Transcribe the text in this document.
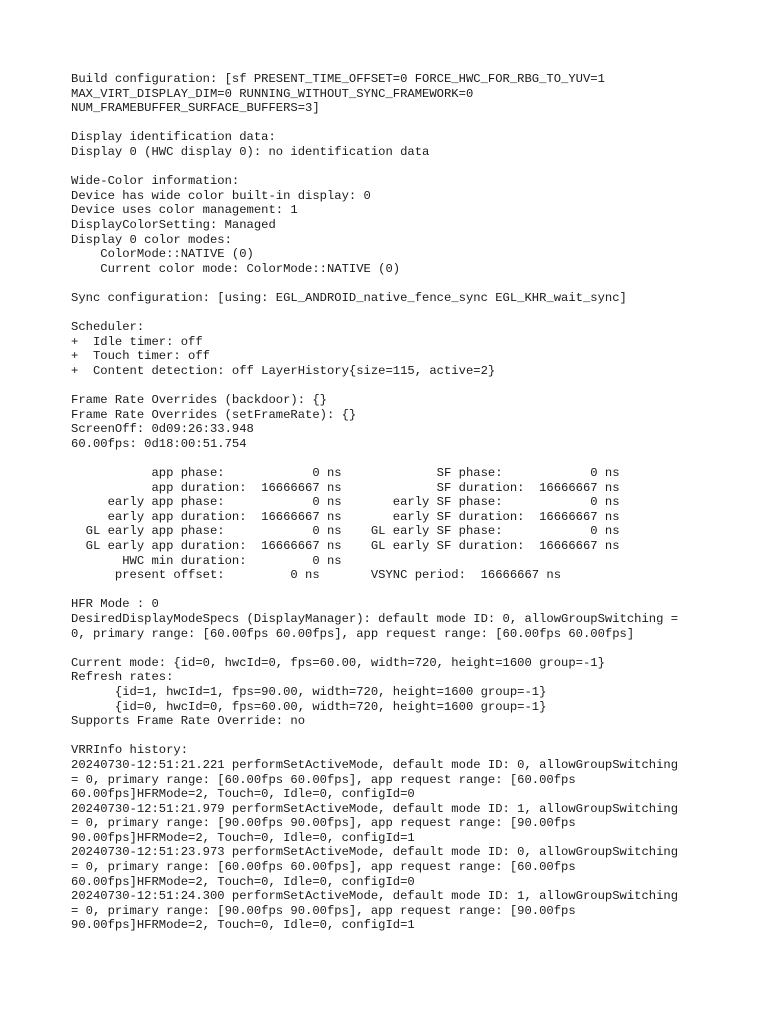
Build configuration: [sf PRESENT_TIME_OFFSET=0 FORCE_HWC_FOR_RBG_TO_YUV=1
MAX_VIRT_DISPLAY_DIM=0 RUNNING_WITHOUT_SYNC_FRAMEWORK=0
NUM_FRAMEBUFFER_SURFACE_BUFFERS=3]
Display identification data:
Display 0 (HWC display 0): no identification data
Wide-Color information:
Device has wide color built-in display: 0
Device uses color management: 1
DisplayColorSetting: Managed
Display 0 color modes:
ColorMode::NATIVE (0)
Current color mode: ColorMode::NATIVE (0)
Sync configuration: [using: EGL_ANDROID_native_fence_sync EGL_KHR_wait_sync]
Scheduler:
+  Idle timer: off
+  Touch timer: off
+  Content detection: off LayerHistory{size=115, active=2}
Frame Rate Overrides (backdoor): {}
Frame Rate Overrides (setFrameRate): {}
ScreenOff: 0d09:26:33.948
60.00fps: 0d18:00:51.754
app phase:            0 ns             SF phase:            0 ns
app duration:  16666667 ns             SF duration:  16666667 ns
early app phase:            0 ns       early SF phase:            0 ns
early app duration:  16666667 ns       early SF duration:  16666667 ns
GL early app phase:            0 ns    GL early SF phase:            0 ns
GL early app duration:  16666667 ns    GL early SF duration:  16666667 ns
HWC min duration:         0 ns
present offset:         0 ns       VSYNC period:  16666667 ns
HFR Mode : 0
DesiredDisplayModeSpecs (DisplayManager): default mode ID: 0, allowGroupSwitching =
0, primary range: [60.00fps 60.00fps], app request range: [60.00fps 60.00fps]
Current mode: {id=0, hwcId=0, fps=60.00, width=720, height=1600 group=-1}
Refresh rates:
{id=1, hwcId=1, fps=90.00, width=720, height=1600 group=-1}
{id=0, hwcId=0, fps=60.00, width=720, height=1600 group=-1}
Supports Frame Rate Override: no
VRRInfo history:
20240730-12:51:21.221 performSetActiveMode, default mode ID: 0, allowGroupSwitching
= 0, primary range: [60.00fps 60.00fps], app request range: [60.00fps
60.00fps]HFRMode=2, Touch=0, Idle=0, configId=0
20240730-12:51:21.979 performSetActiveMode, default mode ID: 1, allowGroupSwitching
= 0, primary range: [90.00fps 90.00fps], app request range: [90.00fps
90.00fps]HFRMode=2, Touch=0, Idle=0, configId=1
20240730-12:51:23.973 performSetActiveMode, default mode ID: 0, allowGroupSwitching
= 0, primary range: [60.00fps 60.00fps], app request range: [60.00fps
60.00fps]HFRMode=2, Touch=0, Idle=0, configId=0
20240730-12:51:24.300 performSetActiveMode, default mode ID: 1, allowGroupSwitching
= 0, primary range: [90.00fps 90.00fps], app request range: [90.00fps
90.00fps]HFRMode=2, Touch=0, Idle=0, configId=1
